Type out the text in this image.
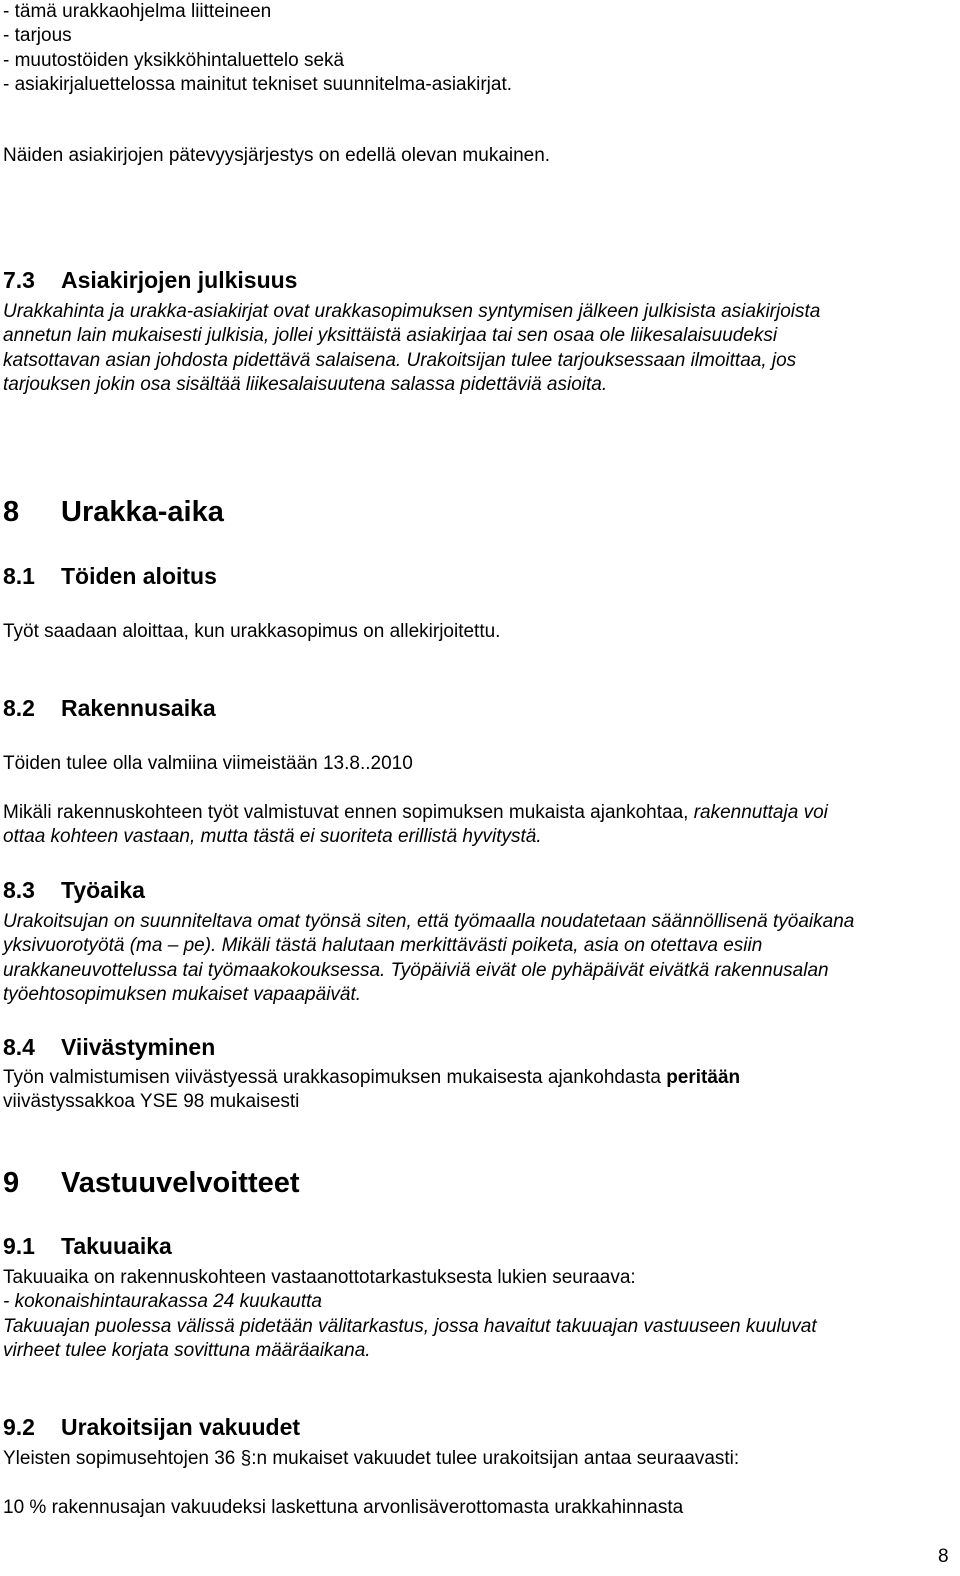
- tämä urakkaohjelma liitteineen
- tarjous
- muutostöiden yksikköhintaluettelo sekä
- asiakirjaluettelossa mainitut tekniset suunnitelma-asiakirjat.
Näiden asiakirjojen pätevyysjärjestys on edellä olevan mukainen.
7.3 Asiakirjojen julkisuus
Urakkahinta ja urakka-asiakirjat ovat urakkasopimuksen syntymisen jälkeen julkisista asiakirjoista
annetun lain mukaisesti julkisia, jollei yksittäistä asiakirjaa tai sen osaa ole liikesalaisuudeksi
katsottavan asian johdosta pidettävä salaisena. Urakoitsijan tulee tarjouksessaan ilmoittaa, jos
tarjouksen jokin osa sisältää liikesalaisuutena salassa pidettäviä asioita.
8 Urakka-aika
8.1 Töiden aloitus
Työt saadaan aloittaa, kun urakkasopimus on allekirjoitettu.
8.2 Rakennusaika
Töiden tulee olla valmiina viimeistään 13.8..2010
Mikäli rakennuskohteen työt valmistuvat ennen sopimuksen mukaista ajankohtaa, rakennuttaja voi
ottaa kohteen vastaan, mutta tästä ei suoriteta erillistä hyvitystä.
8.3 Työaika
Urakoitsujan on suunniteltava omat työnsä siten, että työmaalla noudatetaan säännöllisenä työaikana
yksivuorotyötä (ma – pe). Mikäli tästä halutaan merkittävästi poiketa, asia on otettava esiin
urakkaneuvottelussa tai työmaakokouksessa. Työpäiviä eivät ole pyhäpäivät eivätkä rakennusalan
työehtosopimuksen mukaiset vapaapäivät.
8.4 Viivästyminen
Työn valmistumisen viivästyessä urakkasopimuksen mukaisesta ajankohdasta peritään
viivästyssakkoa YSE 98 mukaisesti
9 Vastuuvelvoitteet
9.1 Takuuaika
Takuuaika on rakennuskohteen vastaanottotarkastuksesta lukien seuraava:
- kokonaishintaurakassa 24 kuukautta
Takuuajan puolessa välissä pidetään välitarkastus, jossa havaitut takuuajan vastuuseen kuuluvat
virheet tulee korjata sovittuna määräaikana.
9.2 Urakoitsijan vakuudet
Yleisten sopimusehtojen 36 §:n mukaiset vakuudet tulee urakoitsijan antaa seuraavasti:
10 % rakennusajan vakuudeksi laskettuna arvonlisäverottomasta urakkahinnasta
8
